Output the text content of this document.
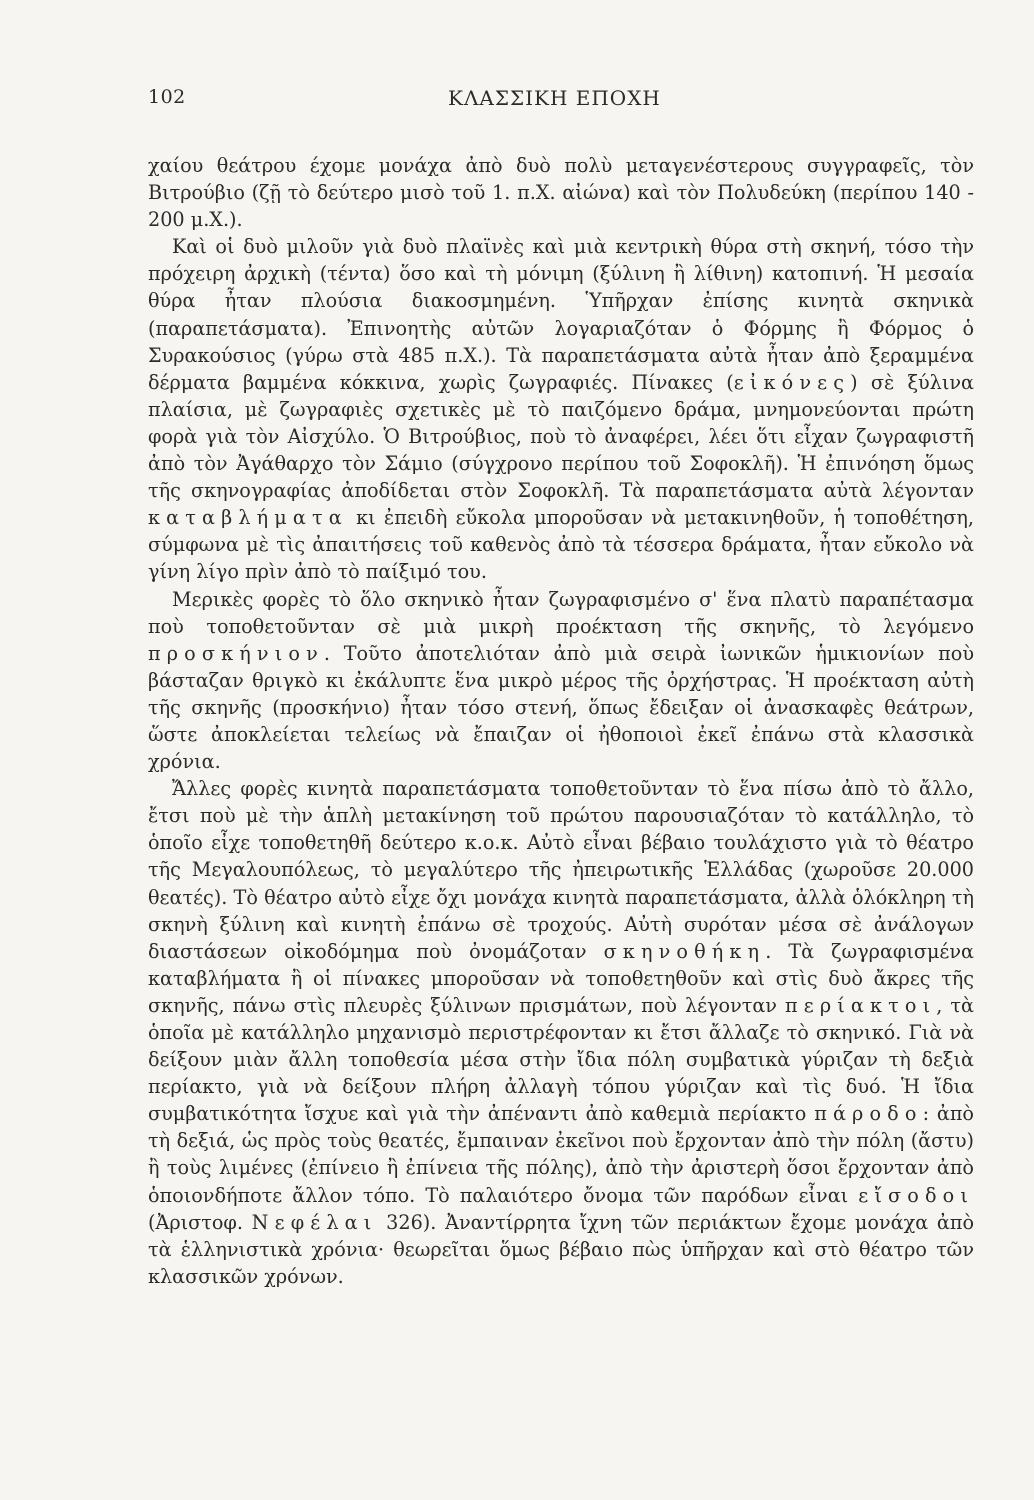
102	ΚΛΑΣΣΙΚΗ ΕΠΟΧΗ

χαίου θεάτρου έχομε μονάχα ἀπὸ δυὸ πολὺ μεταγενέστερους συγγραφεῖς, τὸν Βιτρούβιο (ζῇ τὸ δεύτερο μισὸ τοῦ 1. π.Χ. αἰώνα) καὶ τὸν Πολυδεύκη (περίπου 140 - 200 μ.Χ.).

Καὶ οἱ δυὸ μιλοῦν γιὰ δυὸ πλαϊνὲς καὶ μιὰ κεντρικὴ θύρα στὴ σκηνή, τόσο τὴν πρόχειρη ἀρχικὴ (τέντα) ὅσο καὶ τὴ μόνιμη (ξύλινη ἢ λίθινη) κατοπινή. Ἡ μεσαία θύρα ἦταν πλούσια διακοσμημένη. Ὑπῆρχαν ἐπίσης κινητὰ σκηνικὰ (παραπετάσματα). Ἐπινοητὴς αὐτῶν λογαριαζόταν ὁ Φόρμης ἢ Φόρμος ὁ Συρακούσιος (γύρω στὰ 485 π.Χ.). Τὰ παραπετάσματα αὐτὰ ἦταν ἀπὸ ξεραμμένα δέρματα βαμμένα κόκκινα, χωρὶς ζωγραφιές. Πίνακες (εἰκόνες) σὲ ξύλινα πλαίσια, μὲ ζωγραφιὲς σχετικὲς μὲ τὸ παιζόμενο δράμα, μνημονεύονται πρώτη φορὰ γιὰ τὸν Αἰσχύλο. Ὁ Βιτρούβιος, ποὺ τὸ ἀναφέρει, λέει ὅτι εἶχαν ζωγραφιστῆ ἀπὸ τὸν Ἀγάθαρχο τὸν Σάμιο (σύγχρονο περίπου τοῦ Σοφοκλῆ). Ἡ ἐπινόηση ὅμως τῆς σκηνογραφίας ἀποδίδεται στὸν Σοφοκλῆ. Τὰ παραπετάσματα αὐτὰ λέγονταν καταβλήματα κι ἐπειδὴ εὔκολα μποροῦσαν νὰ μετακινηθοῦν, ἡ τοποθέτηση, σύμφωνα μὲ τὶς ἀπαιτήσεις τοῦ καθενὸς ἀπὸ τὰ τέσσερα δράματα, ἦταν εὔκολο νὰ γίνη λίγο πρὶν ἀπὸ τὸ παίξιμό του.

Μερικὲς φορὲς τὸ ὅλο σκηνικὸ ἦταν ζωγραφισμένο σ' ἕνα πλατὺ παραπέτασμα ποὺ τοποθετοῦνταν σὲ μιὰ μικρὴ προέκταση τῆς σκηνῆς, τὸ λεγόμενο προσκήνιον. Τοῦτο ἀποτελιόταν ἀπὸ μιὰ σειρὰ ἰωνικῶν ἡμικιονίων ποὺ βάσταζαν θριγκὸ κι ἐκάλυπτε ἕνα μικρὸ μέρος τῆς ὀρχήστρας. Ἡ προέκταση αὐτὴ τῆς σκηνῆς (προσκήνιο) ἦταν τόσο στενή, ὅπως ἔδειξαν οἱ ἀνασκαφὲς θεάτρων, ὥστε ἀποκλείεται τελείως νὰ ἔπαιζαν οἱ ἠθοποιοὶ ἐκεῖ ἐπάνω στὰ κλασσικὰ χρόνια.

Ἄλλες φορὲς κινητὰ παραπετάσματα τοποθετοῦνταν τὸ ἕνα πίσω ἀπὸ τὸ ἄλλο, ἔτσι ποὺ μὲ τὴν ἁπλὴ μετακίνηση τοῦ πρώτου παρουσιαζόταν τὸ κατάλληλο, τὸ ὁποῖο εἶχε τοποθετηθῆ δεύτερο κ.ο.κ. Αὐτὸ εἶναι βέβαιο τουλάχιστο γιὰ τὸ θέατρο τῆς Μεγαλουπόλεως, τὸ μεγαλύτερο τῆς ἠπειρωτικῆς Ἑλλάδας (χωροῦσε 20.000 θεατές). Τὸ θέατρο αὐτὸ εἶχε ὄχι μονάχα κινητὰ παραπετάσματα, ἀλλὰ ὁλόκληρη τὴ σκηνὴ ξύλινη καὶ κινητὴ ἐπάνω σὲ τροχούς. Αὐτὴ συρόταν μέσα σὲ ἀνάλογων διαστάσεων οἰκοδόμημα ποὺ ὀνομάζοταν σκηνοθήκη. Τὰ ζωγραφισμένα καταβλήματα ἢ οἱ πίνακες μποροῦσαν νὰ τοποθετηθοῦν καὶ στὶς δυὸ ἄκρες τῆς σκηνῆς, πάνω στὶς πλευρὲς ξύλινων πρισμάτων, ποὺ λέγονταν περίακτοι, τὰ ὁποῖα μὲ κατάλληλο μηχανισμὸ περιστρέφονταν κι ἔτσι ἄλλαζε τὸ σκηνικό. Γιὰ νὰ δείξουν μιὰν ἄλλη τοποθεσία μέσα στὴν ἴδια πόλη συμβατικὰ γύριζαν τὴ δεξιὰ περίακτο, γιὰ νὰ δείξουν πλήρη ἀλλαγὴ τόπου γύριζαν καὶ τὶς δυό. Ἡ ἴδια συμβατικότητα ἴσχυε καὶ γιὰ τὴν ἀπέναντι ἀπὸ καθεμιὰ περίακτο πάροδο: ἀπὸ τὴ δεξιά, ὡς πρὸς τοὺς θεατές, ἔμπαιναν ἐκεῖνοι ποὺ ἔρχονταν ἀπὸ τὴν πόλη (ἄστυ) ἢ τοὺς λιμένες (ἐπίνειο ἢ ἐπίνεια τῆς πόλης), ἀπὸ τὴν ἀριστερὴ ὅσοι ἔρχονταν ἀπὸ ὁποιονδήποτε ἄλλον τόπο. Τὸ παλαιότερο ὄνομα τῶν παρόδων εἶναι εἴσοδοι (Ἀριστοφ. Νεφέλαι 326). Ἀναντίρρητα ἴχνη τῶν περιάκτων ἔχομε μονάχα ἀπὸ τὰ ἑλληνιστικὰ χρόνια· θεωρεῖται ὅμως βέβαιο πὼς ὑπῆρχαν καὶ στὸ θέατρο τῶν κλασσικῶν χρόνων.
